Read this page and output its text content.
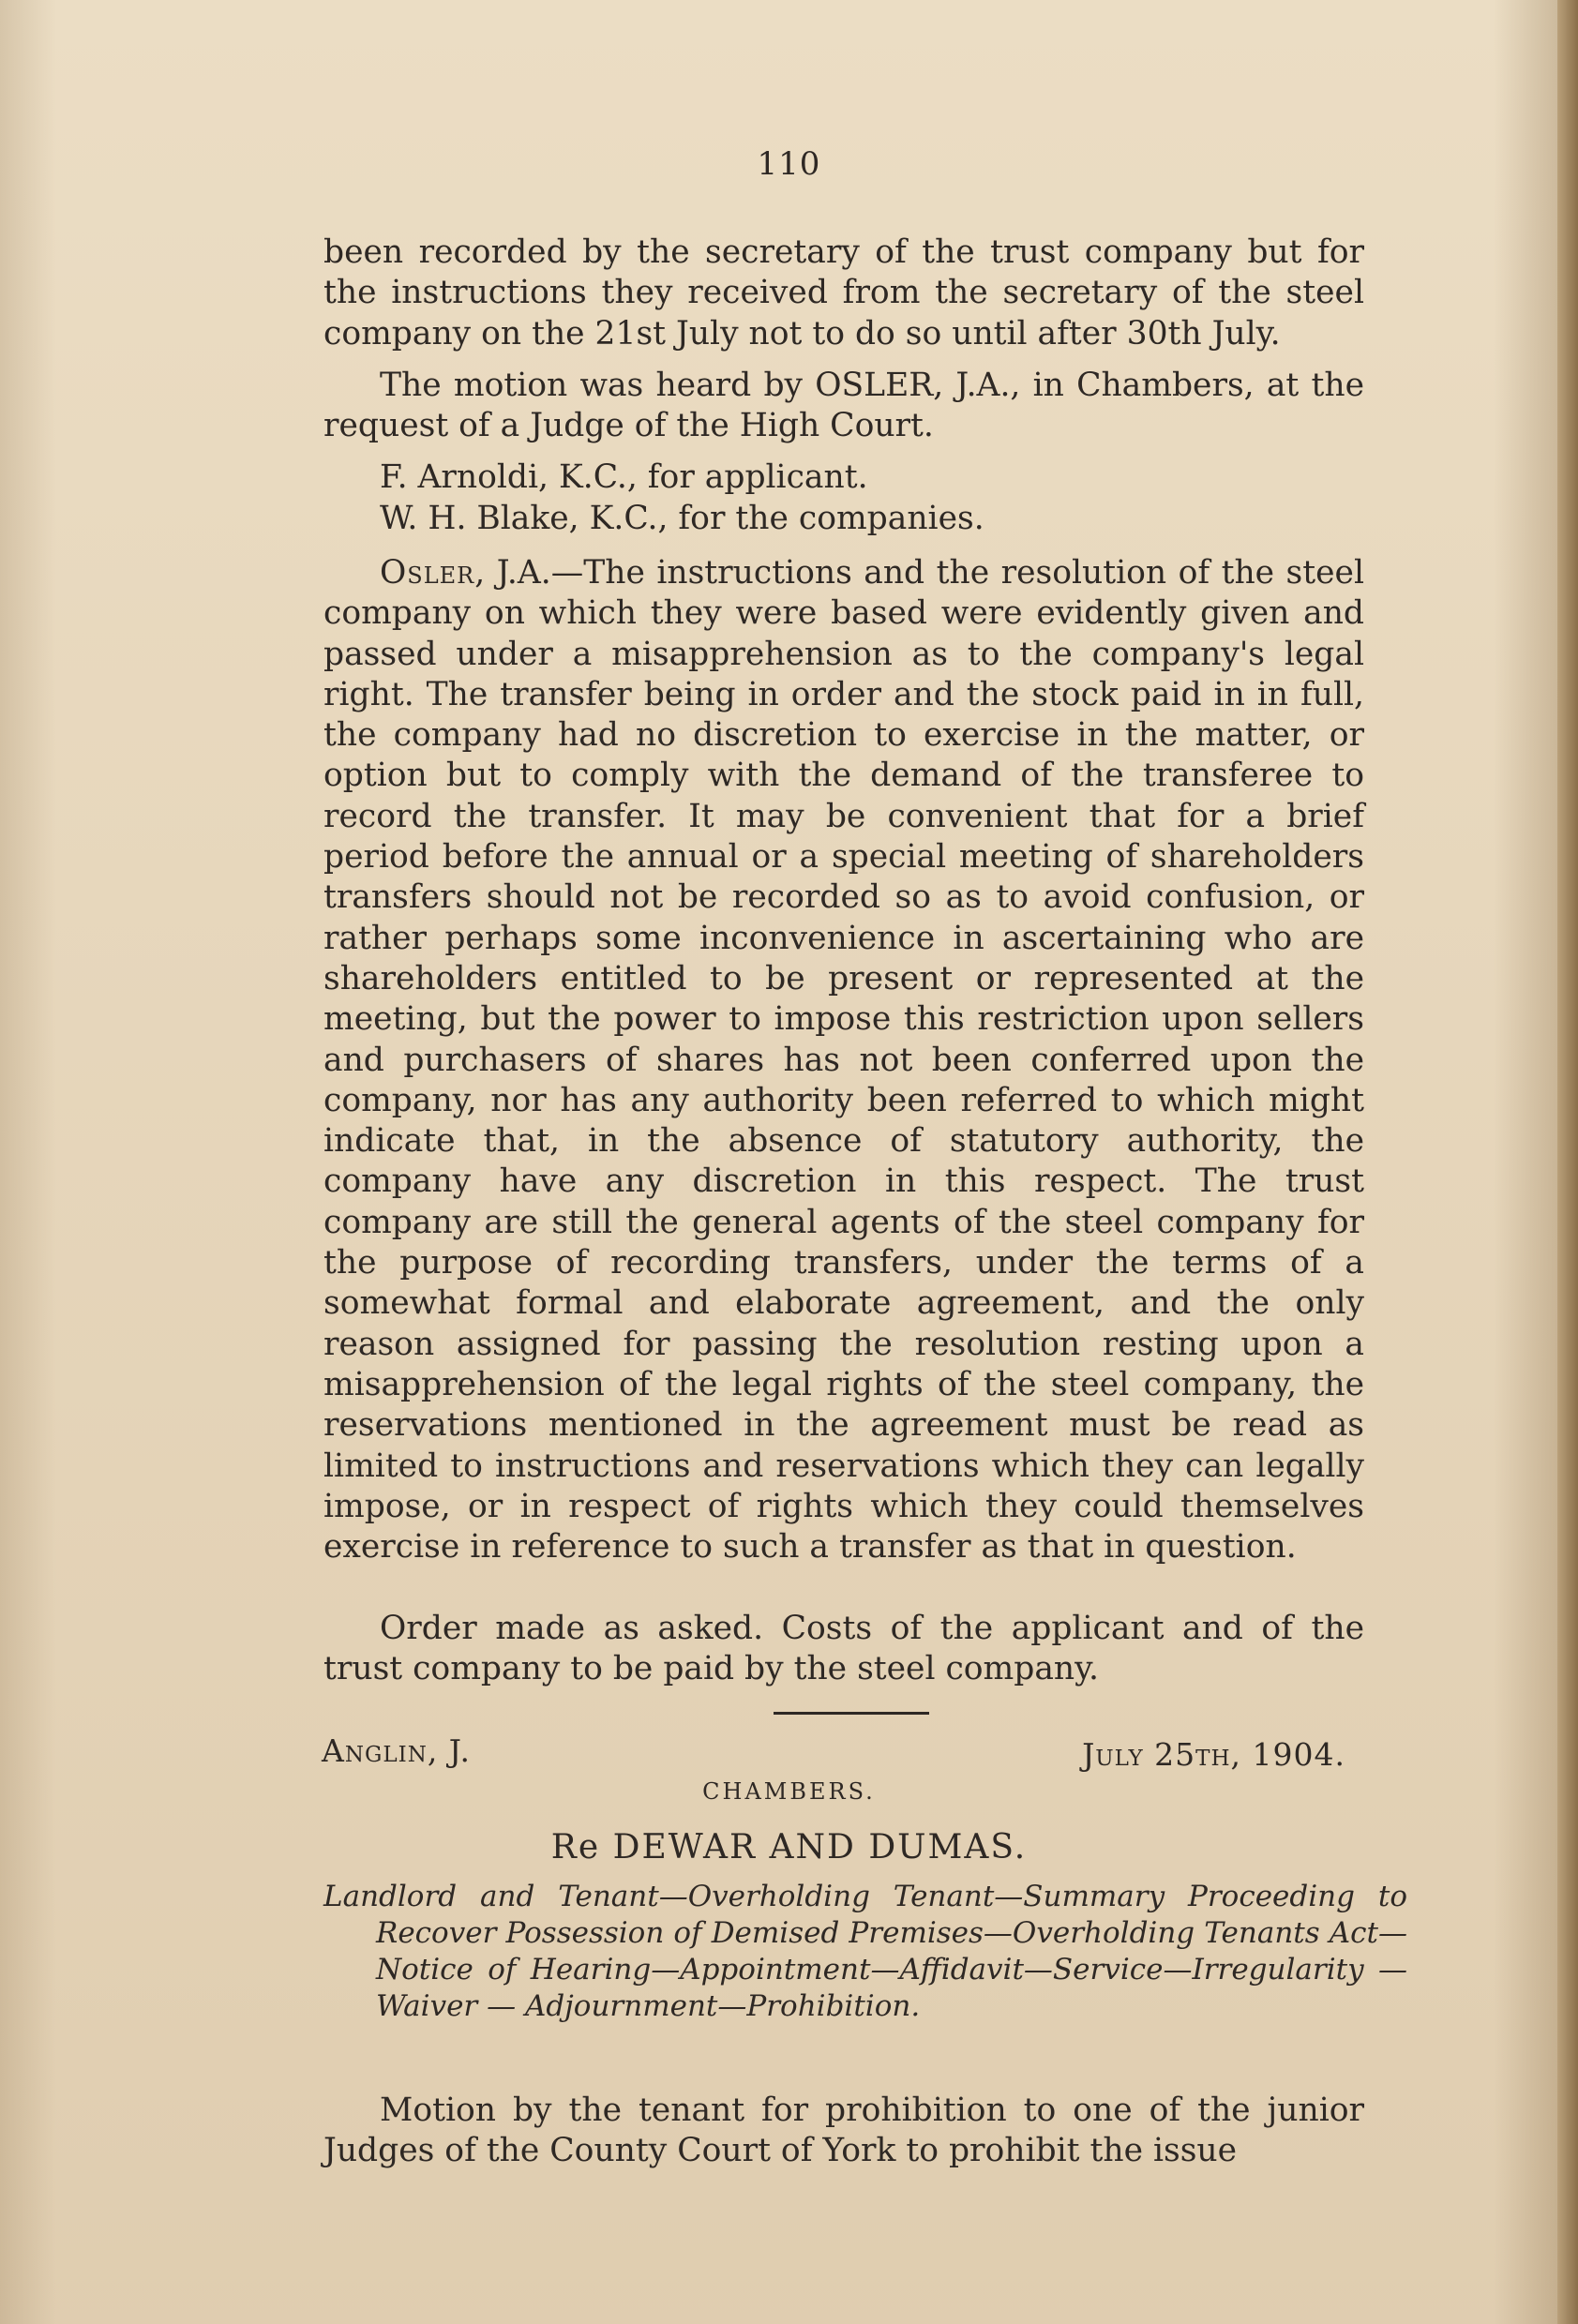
110

been recorded by the secretary of the trust company but for the instructions they received from the secretary of the steel company on the 21st July not to do so until after 30th July.

The motion was heard by OSLER, J.A., in Chambers, at the request of a Judge of the High Court.

F. Arnoldi, K.C., for applicant.

W. H. Blake, K.C., for the companies.

Osler, J.A.—The instructions and the resolution of the steel company on which they were based were evidently given and passed under a misapprehension as to the company's legal right. The transfer being in order and the stock paid in in full, the company had no discretion to exercise in the matter, or option but to comply with the demand of the transferee to record the transfer. It may be convenient that for a brief period before the annual or a special meeting of shareholders transfers should not be recorded so as to avoid confusion, or rather perhaps some inconvenience in ascertaining who are shareholders entitled to be present or represented at the meeting, but the power to impose this restriction upon sellers and purchasers of shares has not been conferred upon the company, nor has any authority been referred to which might indicate that, in the absence of statutory authority, the company have any discretion in this respect. The trust company are still the general agents of the steel company for the purpose of recording transfers, under the terms of a somewhat formal and elaborate agreement, and the only reason assigned for passing the resolution resting upon a misapprehension of the legal rights of the steel company, the reservations mentioned in the agreement must be read as limited to instructions and reservations which they can legally impose, or in respect of rights which they could themselves exercise in reference to such a transfer as that in question.

Order made as asked. Costs of the applicant and of the trust company to be paid by the steel company.

Anglin, J.	July 25th, 1904.
CHAMBERS.
Re DEWAR AND DUMAS.
Landlord and Tenant—Overholding Tenant—Summary Proceeding to Recover Possession of Demised Premises—Overholding Tenants Act—Notice of Hearing—Appointment—Affidavit—Service—Irregularity — Waiver — Adjournment—Prohibition.

Motion by the tenant for prohibition to one of the junior Judges of the County Court of York to prohibit the issue
